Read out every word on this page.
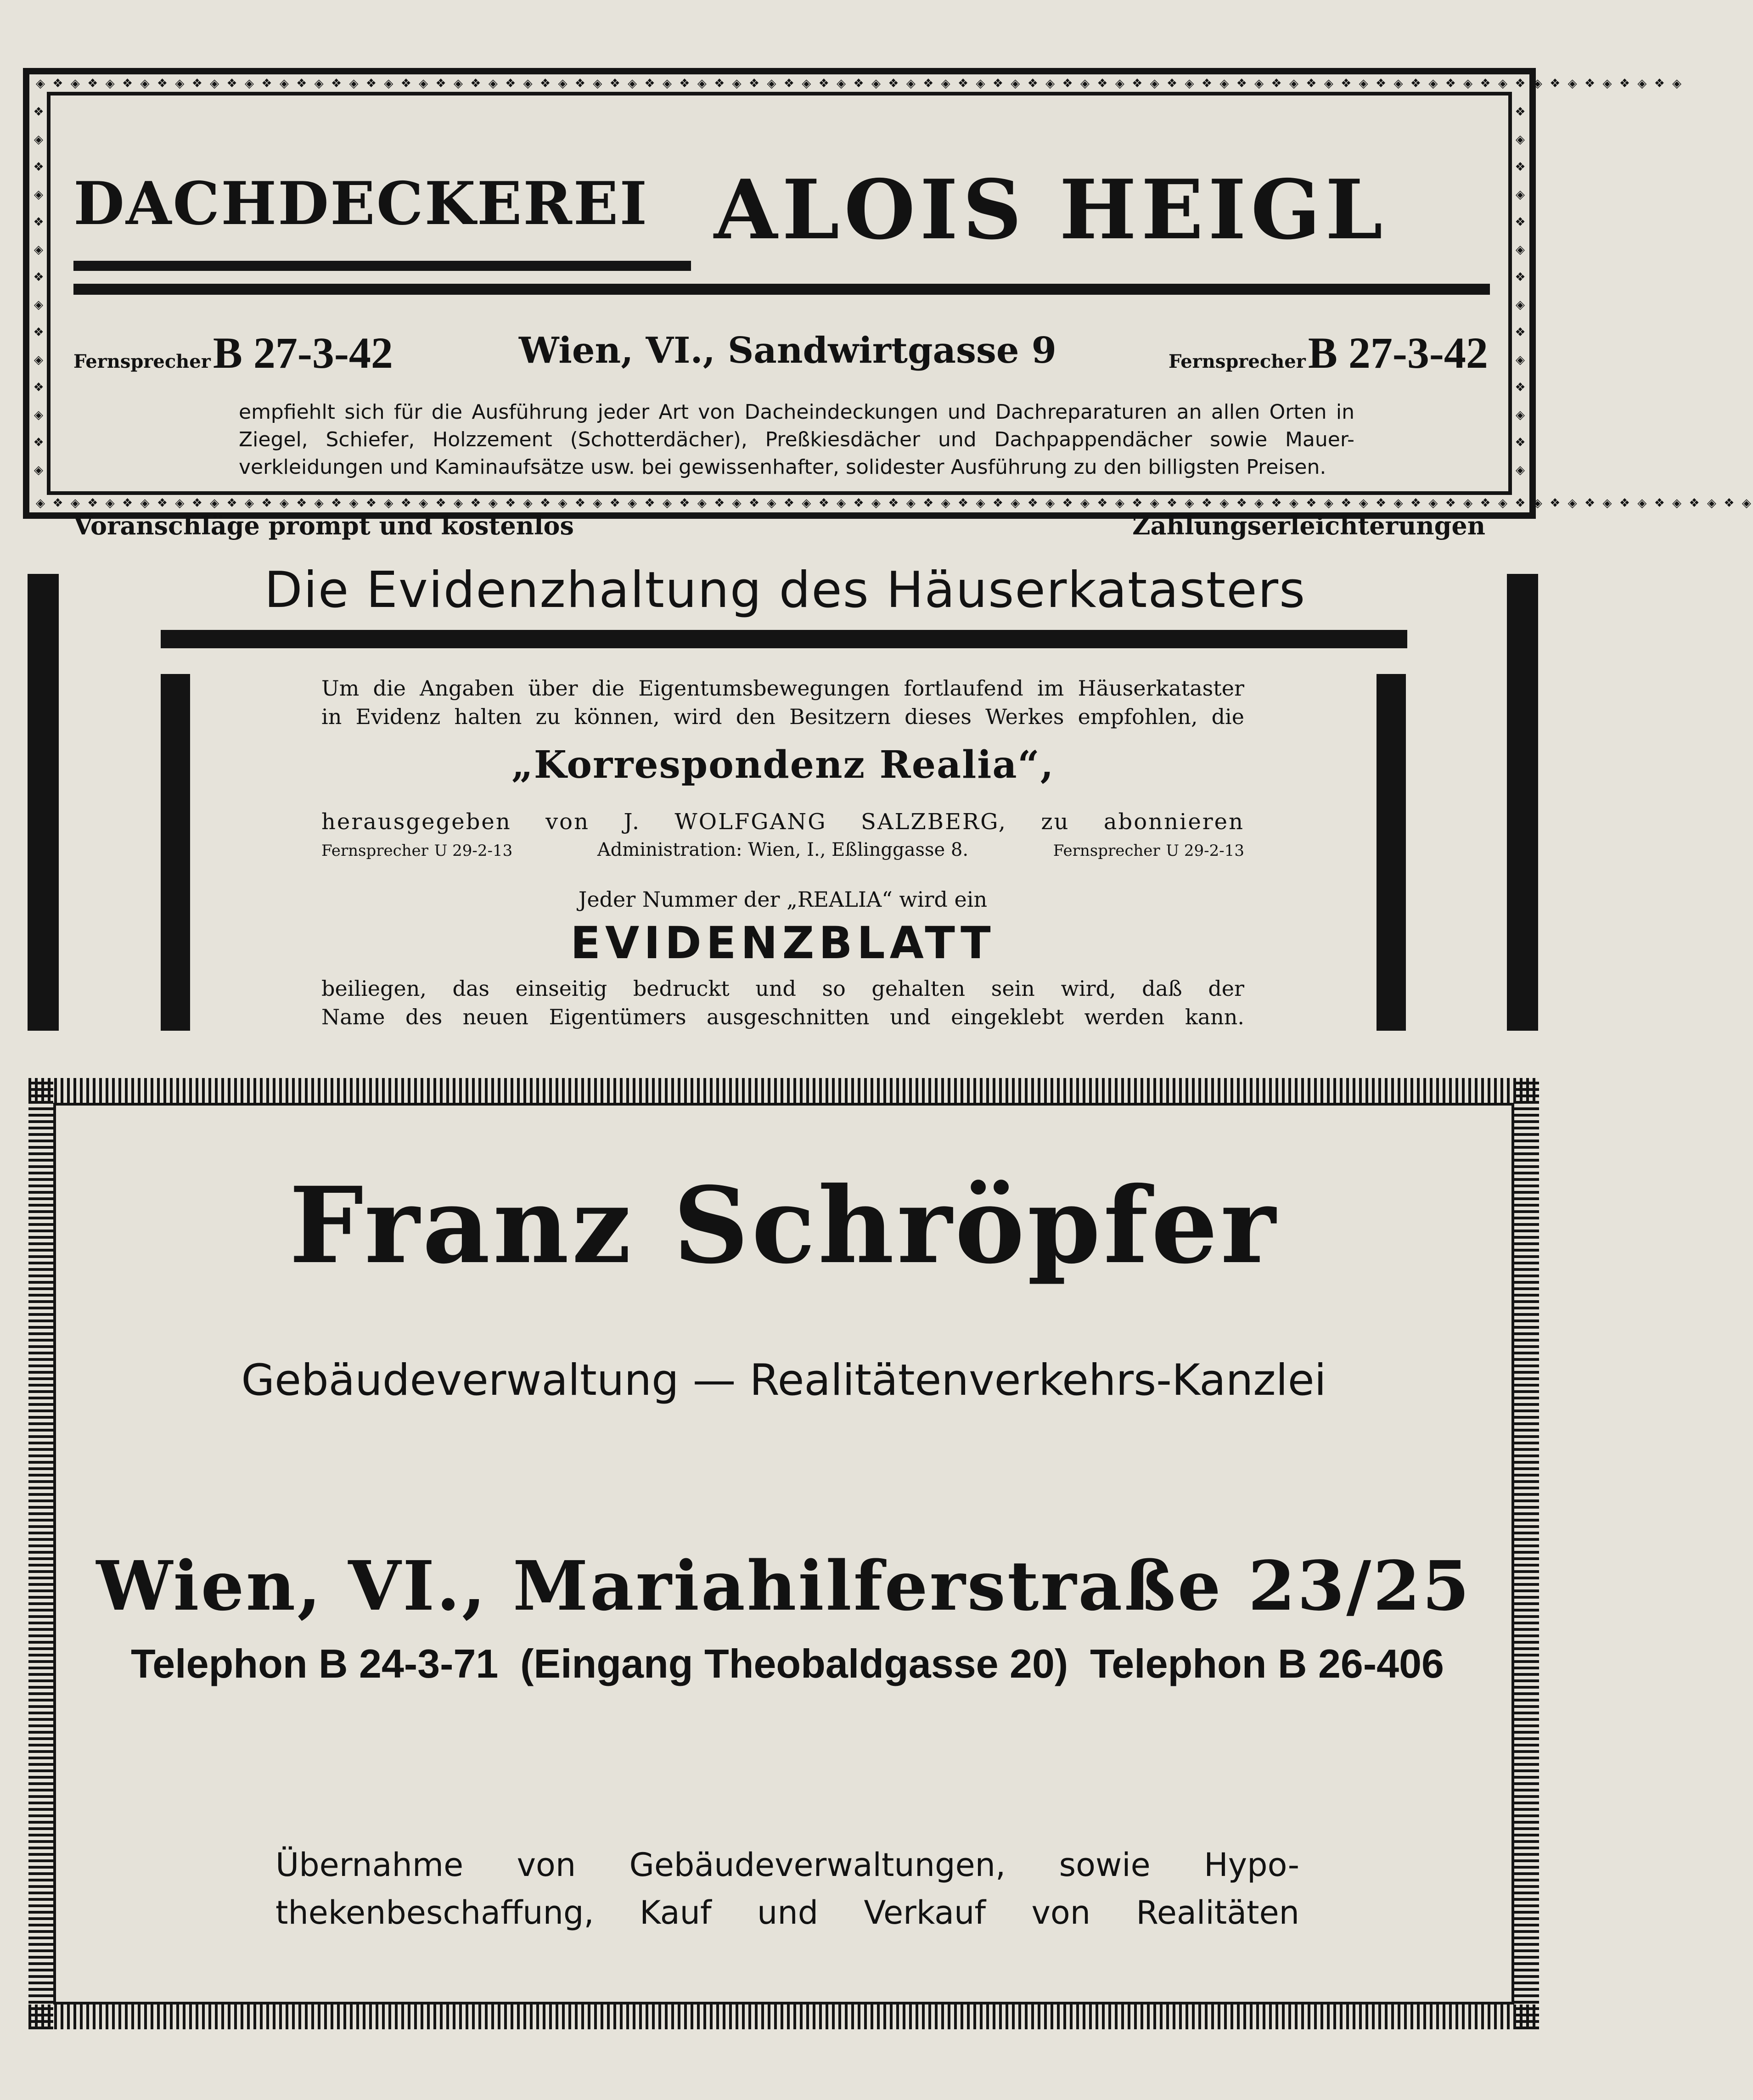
◈ ❖ ◈ ❖ ◈ ❖ ◈ ❖ ◈ ❖ ◈ ❖ ◈ ❖ ◈ ❖ ◈ ❖ ◈ ❖ ◈ ❖ ◈ ❖ ◈ ❖ ◈ ❖ ◈ ❖ ◈ ❖ ◈ ❖ ◈ ❖ ◈ ❖ ◈ ❖ ◈ ❖ ◈ ❖ ◈ ❖ ◈ ❖ ◈ ❖ ◈ ❖ ◈ ❖ ◈ ❖ ◈ ❖ ◈ ❖ ◈ ❖ ◈ ❖ ◈ ❖ ◈ ❖ ◈ ❖ ◈ ❖ ◈ ❖ ◈ ❖ ◈ ❖ ◈ ❖ ◈ ❖ ◈ ❖ ◈ ❖ ◈ ❖ ◈ ❖ ◈ ❖ ◈ ❖ ◈
◈ ❖ ◈ ❖ ◈ ❖ ◈ ❖ ◈ ❖ ◈ ❖ ◈ ❖ ◈ ❖ ◈ ❖ ◈ ❖ ◈ ❖ ◈ ❖ ◈ ❖ ◈ ❖ ◈ ❖ ◈ ❖ ◈ ❖ ◈ ❖ ◈ ❖ ◈ ❖ ◈ ❖ ◈ ❖ ◈ ❖ ◈ ❖ ◈ ❖ ◈ ❖ ◈ ❖ ◈ ❖ ◈ ❖ ◈ ❖ ◈ ❖ ◈ ❖ ◈ ❖ ◈ ❖ ◈ ❖ ◈ ❖ ◈ ❖ ◈ ❖ ◈ ❖ ◈ ❖ ◈ ❖ ◈ ❖ ◈ ❖ ◈ ❖ ◈ ❖ ◈ ❖ ◈ ❖ ◈ ❖ ◈ ❖ ◈
❖◈❖◈❖◈❖◈❖◈❖◈❖◈
❖◈❖◈❖◈❖◈❖◈❖◈❖◈
DACHDECKEREI ALOIS HEIGL
Fernsprecher B 27-3-42	Wien, VI., Sandwirtgasse 9	Fernsprecher B 27-3-42
empfiehlt sich für die Ausführung jeder Art von Dacheindeckungen und Dachreparaturen an allen Orten in
Ziegel, Schiefer, Holzzement (Schotterdächer), Preßkiesdächer und Dachpappendächer sowie Mauer-
verkleidungen und Kaminaufsätze usw. bei gewissenhafter, solidester Ausführung zu den billigsten Preisen.
Voranschläge prompt und kostenlos	Zahlungserleichterungen
Die Evidenzhaltung des Häuserkatasters
Um die Angaben über die Eigentumsbewegungen fortlaufend im Häuserkataster
in Evidenz halten zu können, wird den Besitzern dieses Werkes empfohlen, die
„Korrespondenz Realia“,
herausgegeben von J. WOLFGANG SALZBERG, zu abonnieren
Fernsprecher U 29-2-13	Administration: Wien, I., Eßlinggasse 8.	Fernsprecher U 29-2-13
Jeder Nummer der „REALIA“ wird ein
EVIDENZBLATT
beiliegen, das einseitig bedruckt und so gehalten sein wird, daß der
Name des neuen Eigentümers ausgeschnitten und eingeklebt werden kann.
Franz Schröpfer
Gebäudeverwaltung — Realitätenverkehrs-Kanzlei
Wien, VI., Mariahilferstraße 23/25
Telephon B 24-3-71 (Eingang Theobaldgasse 20) Telephon B 26-406
Übernahme von Gebäudeverwaltungen, sowie Hypo-
thekenbeschaffung, Kauf und Verkauf von Realitäten
